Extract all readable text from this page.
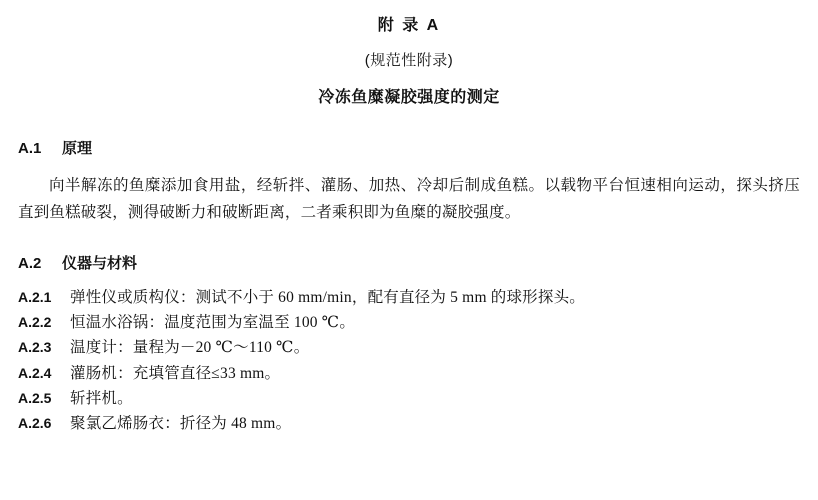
附 录 A
(规范性附录)
冷冻鱼糜凝胶强度的测定
A.1 原理
向半解冻的鱼糜添加食用盐，经斩拌、灌肠、加热、冷却后制成鱼糕。以载物平台恒速相向运动，探头挤压直到鱼糕破裂，测得破断力和破断距离，二者乘积即为鱼糜的凝胶强度。
A.2 仪器与材料
A.2.1	弹性仪或质构仪：测试不小于 60 mm/min，配有直径为 5 mm 的球形探头。
A.2.2	恒温水浴锅：温度范围为室温至 100 ℃。
A.2.3	温度计：量程为－20 ℃～110 ℃。
A.2.4	灌肠机：充填管直径≤33 mm。
A.2.5	斩拌机。
A.2.6	聚氯乙烯肠衣：折径为 48 mm。
